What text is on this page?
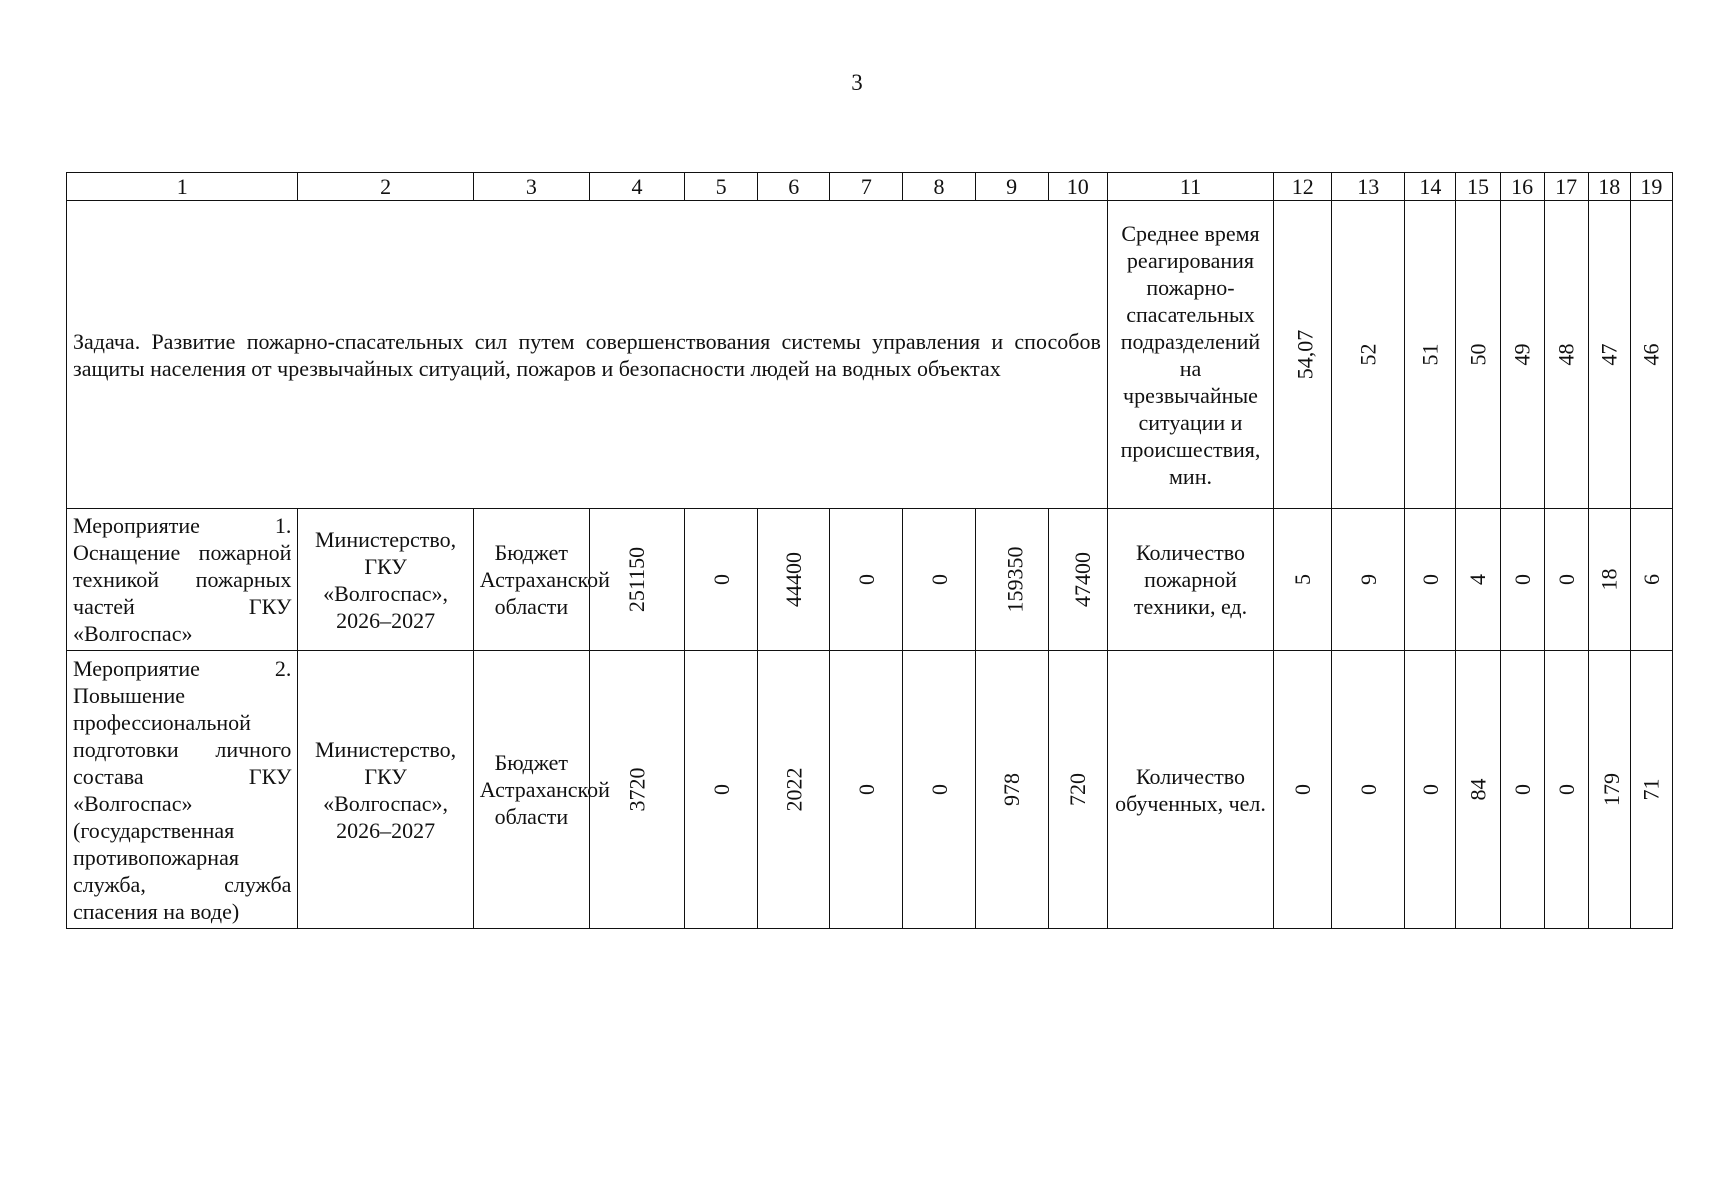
3
1	2	3	4	5	6	7	8	9	10	11	12	13	14	15	16	17	18	19
Задача. Развитие пожарно-спасательных сил путем совершенствования системы управления и способов защиты населения от чрезвычайных ситуаций, пожаров и безопасности людей на водных объектах										Среднее время реагирования пожарно-спасательных подразделений на чрезвычайные ситуации и происшествия, мин.	54,07	52	51	50	49	48	47	46
Мероприятие 1. Оснащение пожарной техникой пожарных частей ГКУ «Волгоспас»	Министерство, ГКУ «Волгоспас», 2026–2027	Бюджет Астраханской области	251150	0	44400	0	0	159350	47400	Количество пожарной техники, ед.	5	9	0	4	0	0	18	6
Мероприятие 2. Повышение профессиональной подготовки личного состава ГКУ «Волгоспас» (государственная противопожарная служба, служба спасения на воде)	Министерство, ГКУ «Волгоспас», 2026–2027	Бюджет Астраханской области	3720	0	2022	0	0	978	720	Количество обученных, чел.	0	0	0	84	0	0	179	71
